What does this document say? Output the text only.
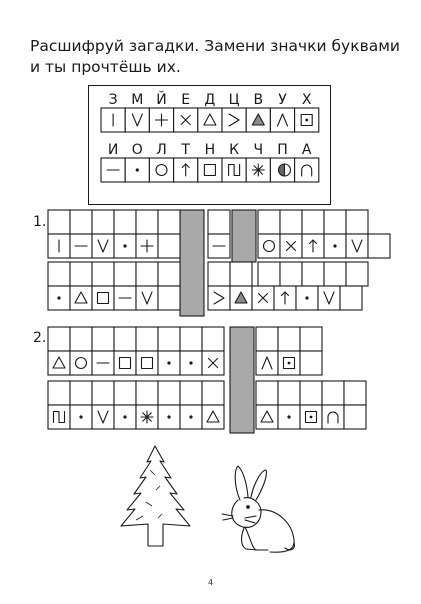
Расшифруй загадки. Замени значки буквами
и ты прочтёшь их.
З М Й Е Д Ц В У Х
И О Л Т Н К Ч П А
1.
2.
4
